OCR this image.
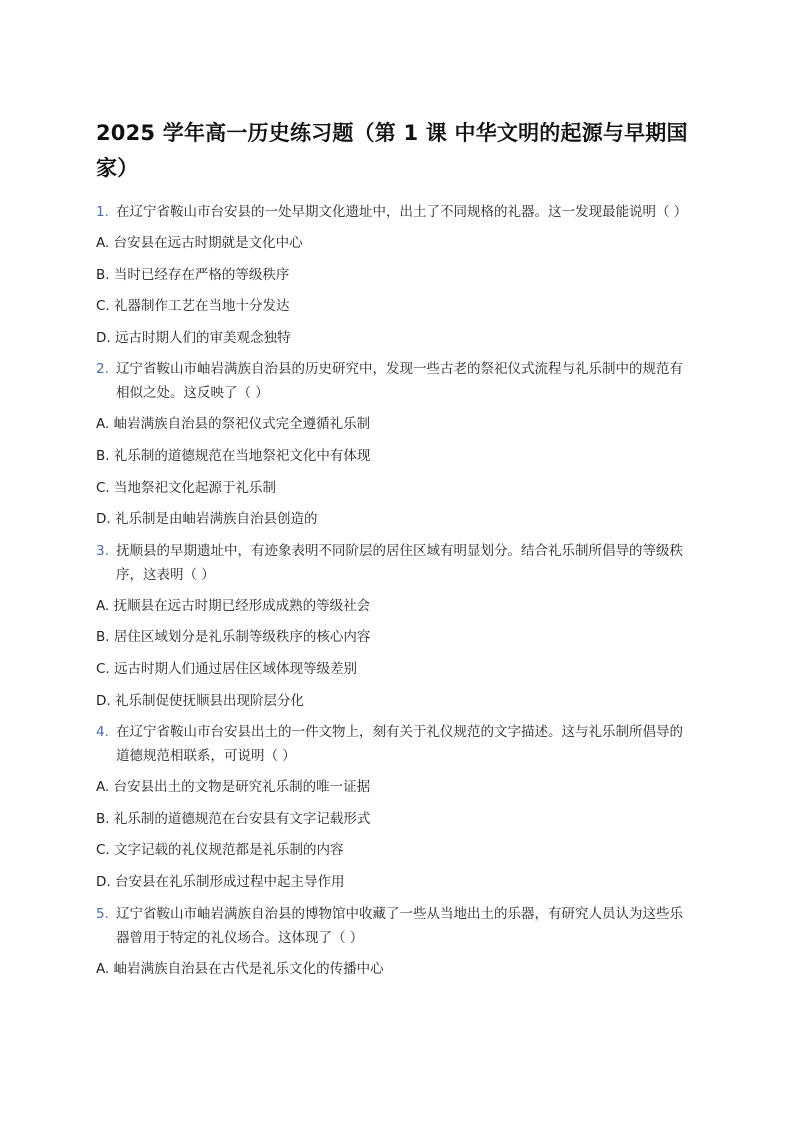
2025 学年高一历史练习题（第 1 课 中华文明的起源与早期国家）
1. 在辽宁省鞍山市台安县的一处早期文化遗址中，出土了不同规格的礼器。这一发现最能说明（ ）
A. 台安县在远古时期就是文化中心
B. 当时已经存在严格的等级秩序
C. 礼器制作工艺在当地十分发达
D. 远古时期人们的审美观念独特
2. 辽宁省鞍山市岫岩满族自治县的历史研究中，发现一些古老的祭祀仪式流程与礼乐制中的规范有相似之处。这反映了（ ）
A. 岫岩满族自治县的祭祀仪式完全遵循礼乐制
B. 礼乐制的道德规范在当地祭祀文化中有体现
C. 当地祭祀文化起源于礼乐制
D. 礼乐制是由岫岩满族自治县创造的
3. 抚顺县的早期遗址中，有迹象表明不同阶层的居住区域有明显划分。结合礼乐制所倡导的等级秩序，这表明（ ）
A. 抚顺县在远古时期已经形成成熟的等级社会
B. 居住区域划分是礼乐制等级秩序的核心内容
C. 远古时期人们通过居住区域体现等级差别
D. 礼乐制促使抚顺县出现阶层分化
4. 在辽宁省鞍山市台安县出土的一件文物上，刻有关于礼仪规范的文字描述。这与礼乐制所倡导的道德规范相联系，可说明（ ）
A. 台安县出土的文物是研究礼乐制的唯一证据
B. 礼乐制的道德规范在台安县有文字记载形式
C. 文字记载的礼仪规范都是礼乐制的内容
D. 台安县在礼乐制形成过程中起主导作用
5. 辽宁省鞍山市岫岩满族自治县的博物馆中收藏了一些从当地出土的乐器，有研究人员认为这些乐器曾用于特定的礼仪场合。这体现了（ ）
A. 岫岩满族自治县在古代是礼乐文化的传播中心
